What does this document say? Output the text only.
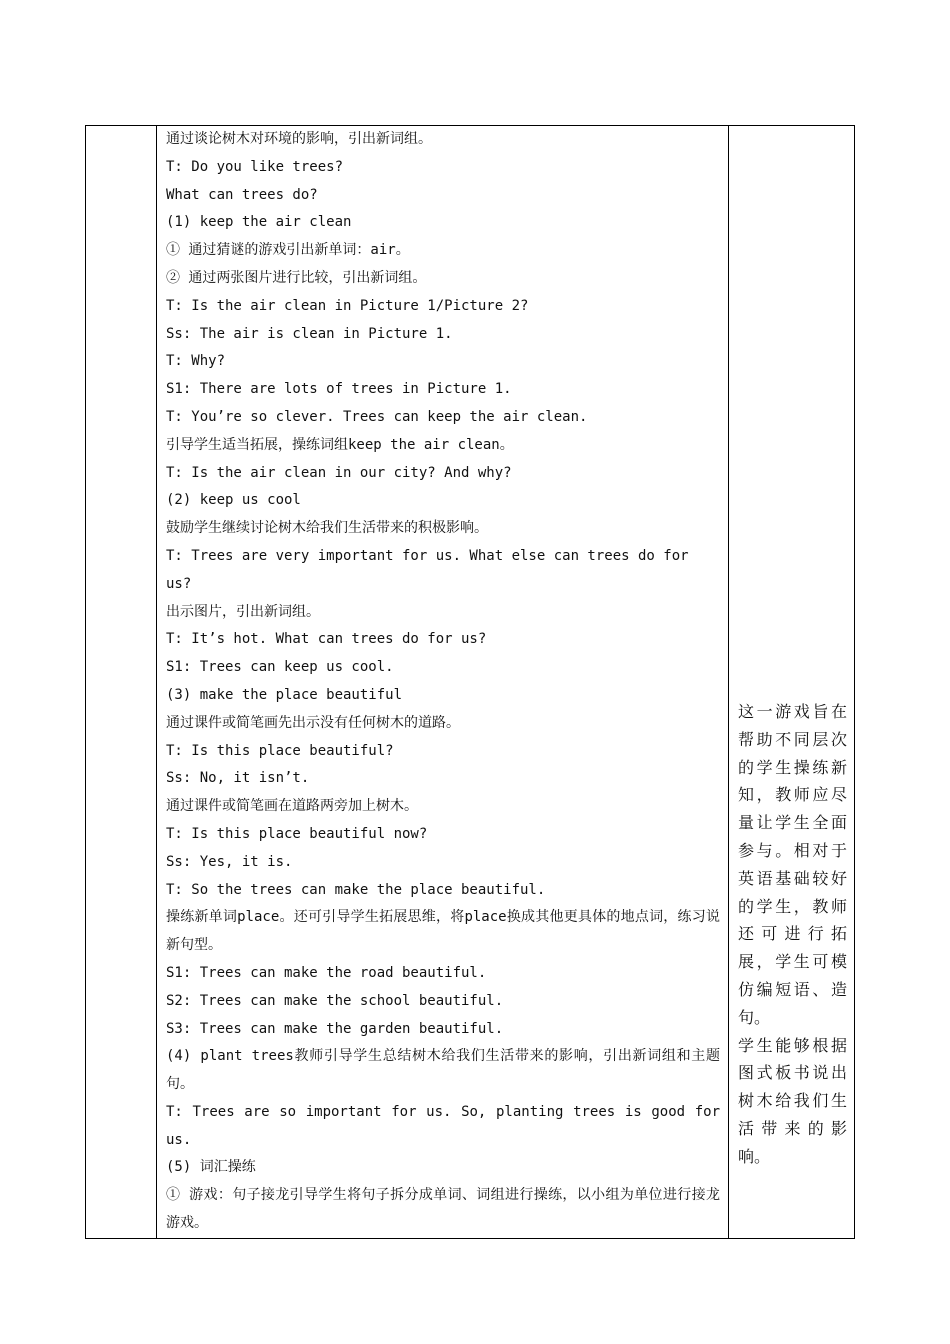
通过谈论树木对环境的影响，引出新词组。
T: Do you like trees?
What can trees do?
(1) keep the air clean
① 通过猜谜的游戏引出新单词：air。
② 通过两张图片进行比较，引出新词组。
T: Is the air clean in Picture 1/Picture 2?
Ss: The air is clean in Picture 1.
T: Why?
S1: There are lots of trees in Picture 1.
T: You’re so clever. Trees can keep the air clean.
引导学生适当拓展，操练词组keep the air clean。
T: Is the air clean in our city? And why?
(2) keep us cool
鼓励学生继续讨论树木给我们生活带来的积极影响。
T: Trees are very important for us. What else can trees do for us?
出示图片，引出新词组。
T: It’s hot. What can trees do for us?
S1: Trees can keep us cool.
(3) make the place beautiful
通过课件或简笔画先出示没有任何树木的道路。
T: Is this place beautiful?
Ss: No, it isn’t.
通过课件或简笔画在道路两旁加上树木。
T: Is this place beautiful now?
Ss: Yes, it is.
T: So the trees can make the place beautiful.
操练新单词place。还可引导学生拓展思维，将place换成其他更具体的地点词，练习说新句型。
S1: Trees can make the road beautiful.
S2: Trees can make the school beautiful.
S3: Trees can make the garden beautiful.
(4) plant trees教师引导学生总结树木给我们生活带来的影响，引出新词组和主题句。
T: Trees are so important for us. So, planting trees is good for us.
(5) 词汇操练
① 游戏：句子接龙引导学生将句子拆分成单词、词组进行操练，以小组为单位进行接龙游戏。

这一游戏旨在帮助不同层次的学生操练新知，教师应尽量让学生全面参与。相对于英语基础较好的学生，教师还可进行拓展，学生可模仿编短语、造句。
学生能够根据图式板书说出树木给我们生活带来的影响。
